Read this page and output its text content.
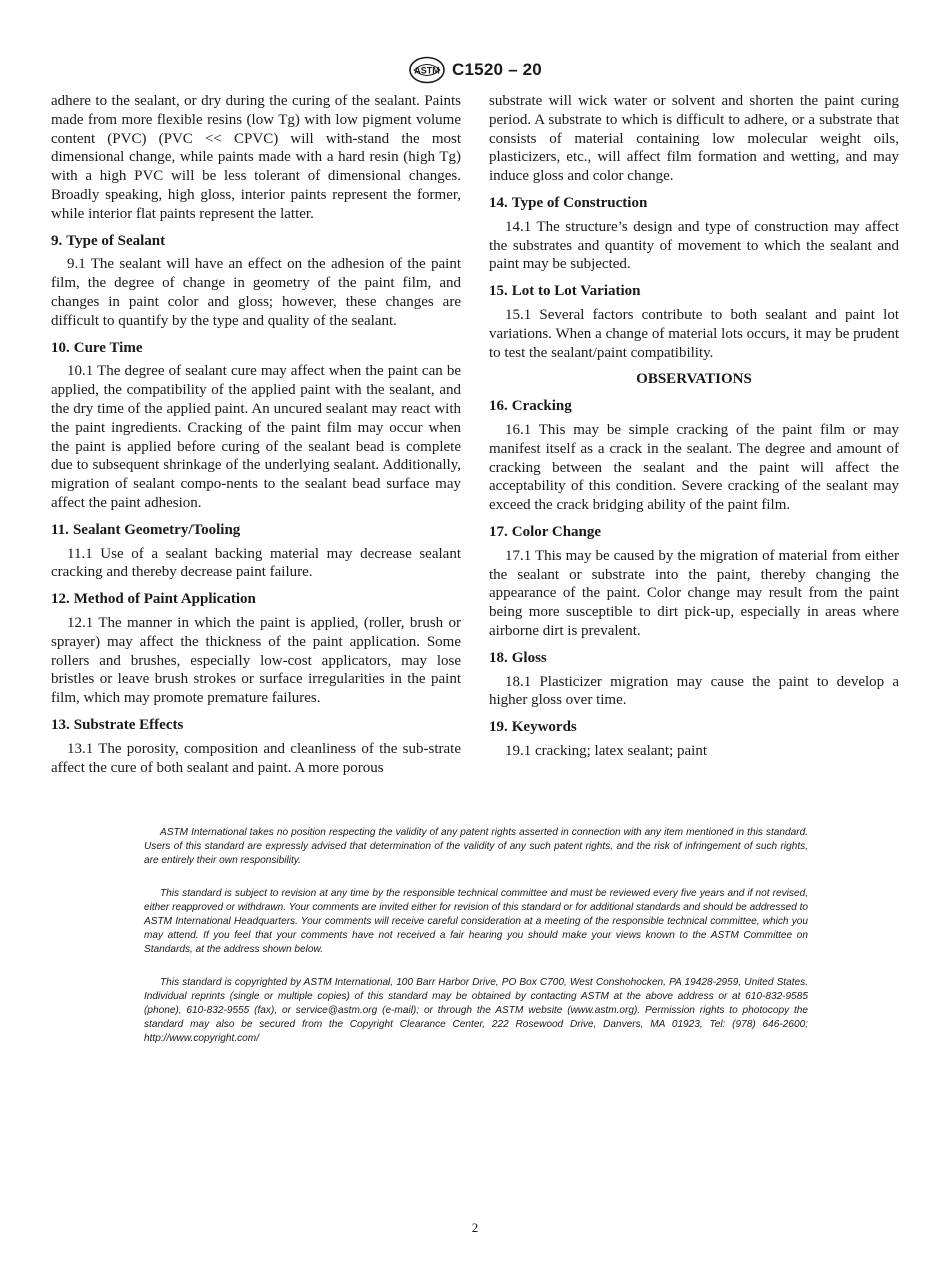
ASTM C1520 – 20

adhere to the sealant, or dry during the curing of the sealant. Paints made from more flexible resins (low Tg) with low pigment volume content (PVC) (PVC << CPVC) will with-stand the most dimensional change, while paints made with a hard resin (high Tg) with a high PVC will be less tolerant of dimensional changes. Broadly speaking, high gloss, interior paints represent the former, while interior flat paints represent the latter.

9. Type of Sealant

9.1 The sealant will have an effect on the adhesion of the paint film, the degree of change in geometry of the paint film, and changes in paint color and gloss; however, these changes are difficult to quantify by the type and quality of the sealant.

10. Cure Time

10.1 The degree of sealant cure may affect when the paint can be applied, the compatibility of the applied paint with the sealant, and the dry time of the applied paint. An uncured sealant may react with the paint ingredients. Cracking of the paint film may occur when the paint is applied before curing of the sealant bead is complete due to subsequent shrinkage of the underlying sealant. Additionally, migration of sealant compo-nents to the sealant bead surface may affect the paint adhesion.

11. Sealant Geometry/Tooling

11.1 Use of a sealant backing material may decrease sealant cracking and thereby decrease paint failure.

12. Method of Paint Application

12.1 The manner in which the paint is applied, (roller, brush or sprayer) may affect the thickness of the paint application. Some rollers and brushes, especially low-cost applicators, may lose bristles or leave brush strokes or surface irregularities in the paint film, which may promote premature failures.

13. Substrate Effects

13.1 The porosity, composition and cleanliness of the sub-strate affect the cure of both sealant and paint. A more porous

substrate will wick water or solvent and shorten the paint curing period. A substrate to which is difficult to adhere, or a substrate that consists of material containing low molecular weight oils, plasticizers, etc., will affect film formation and wetting, and may induce gloss and color change.

14. Type of Construction

14.1 The structure’s design and type of construction may affect the substrates and quantity of movement to which the sealant and paint may be subjected.

15. Lot to Lot Variation

15.1 Several factors contribute to both sealant and paint lot variations. When a change of material lots occurs, it may be prudent to test the sealant/paint compatibility.

OBSERVATIONS
16. Cracking

16.1 This may be simple cracking of the paint film or may manifest itself as a crack in the sealant. The degree and amount of cracking between the sealant and the paint will affect the acceptability of this condition. Severe cracking of the sealant may exceed the crack bridging ability of the paint film.

17. Color Change

17.1 This may be caused by the migration of material from either the sealant or substrate into the paint, thereby changing the appearance of the paint. Color change may result from the paint being more susceptible to dirt pick-up, especially in areas where airborne dirt is prevalent.

18. Gloss

18.1 Plasticizer migration may cause the paint to develop a higher gloss over time.

19. Keywords

19.1 cracking; latex sealant; paint

ASTM International takes no position respecting the validity of any patent rights asserted in connection with any item mentioned in this standard. Users of this standard are expressly advised that determination of the validity of any such patent rights, and the risk of infringement of such rights, are entirely their own responsibility.

This standard is subject to revision at any time by the responsible technical committee and must be reviewed every five years and if not revised, either reapproved or withdrawn. Your comments are invited either for revision of this standard or for additional standards and should be addressed to ASTM International Headquarters. Your comments will receive careful consideration at a meeting of the responsible technical committee, which you may attend. If you feel that your comments have not received a fair hearing you should make your views known to the ASTM Committee on Standards, at the address shown below.

This standard is copyrighted by ASTM International, 100 Barr Harbor Drive, PO Box C700, West Conshohocken, PA 19428-2959, United States. Individual reprints (single or multiple copies) of this standard may be obtained by contacting ASTM at the above address or at 610-832-9585 (phone), 610-832-9555 (fax), or service@astm.org (e-mail); or through the ASTM website (www.astm.org). Permission rights to photocopy the standard may also be secured from the Copyright Clearance Center, 222 Rosewood Drive, Danvers, MA 01923, Tel: (978) 646-2600; http://www.copyright.com/

2
